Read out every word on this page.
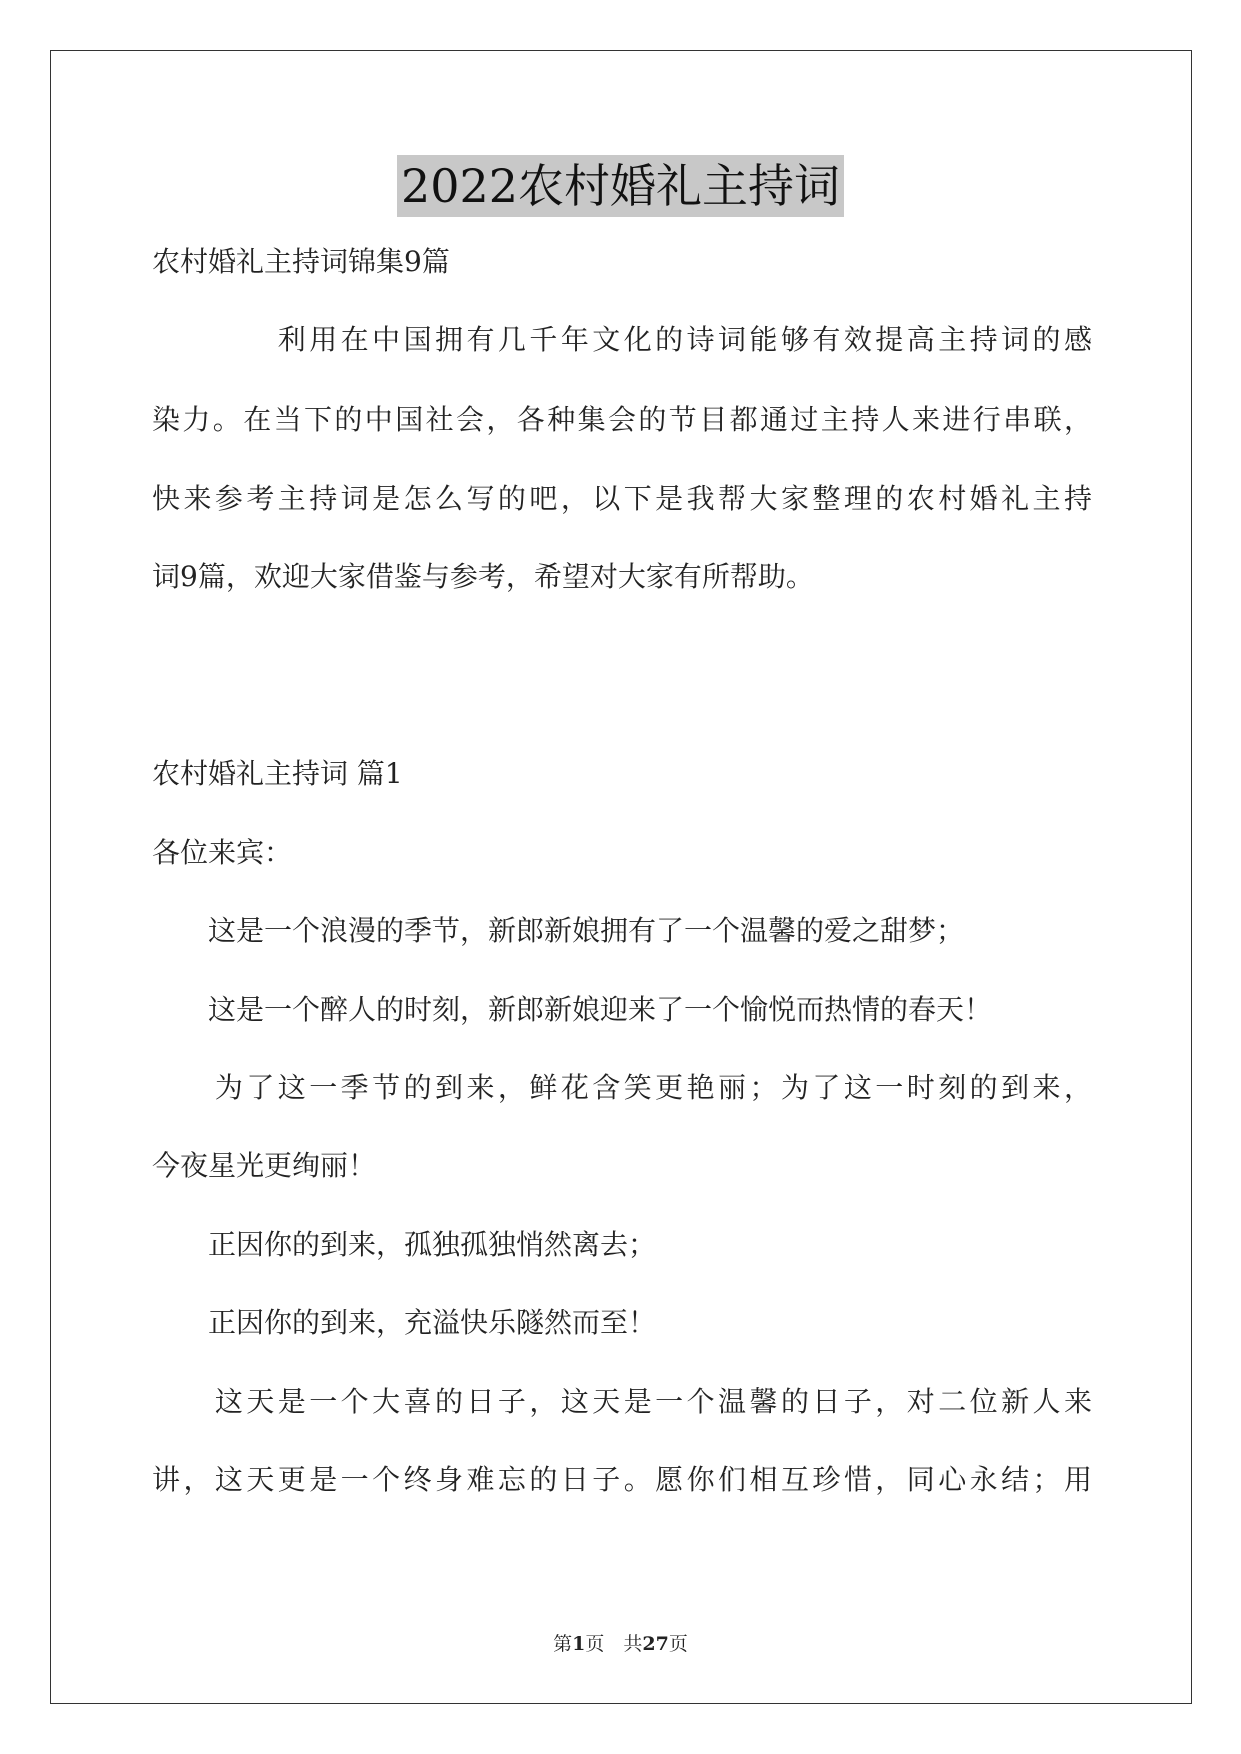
2022农村婚礼主持词
农村婚礼主持词锦集9篇
　　　　利用在中国拥有几千年文化的诗词能够有效提高主持词的感
染力。在当下的中国社会，各种集会的节目都通过主持人来进行串联，
快来参考主持词是怎么写的吧，以下是我帮大家整理的农村婚礼主持
词9篇，欢迎大家借鉴与参考，希望对大家有所帮助。
农村婚礼主持词 篇1
各位来宾：
　　这是一个浪漫的季节，新郎新娘拥有了一个温馨的爱之甜梦；
　　这是一个醉人的时刻，新郎新娘迎来了一个愉悦而热情的春天！
　　为了这一季节的到来，鲜花含笑更艳丽；为了这一时刻的到来，
今夜星光更绚丽！
　　正因你的到来，孤独孤独悄然离去；
　　正因你的到来，充溢快乐隧然而至！
　　这天是一个大喜的日子，这天是一个温馨的日子，对二位新人来
讲，这天更是一个终身难忘的日子。愿你们相互珍惜，同心永结；用
第1页　共27页
